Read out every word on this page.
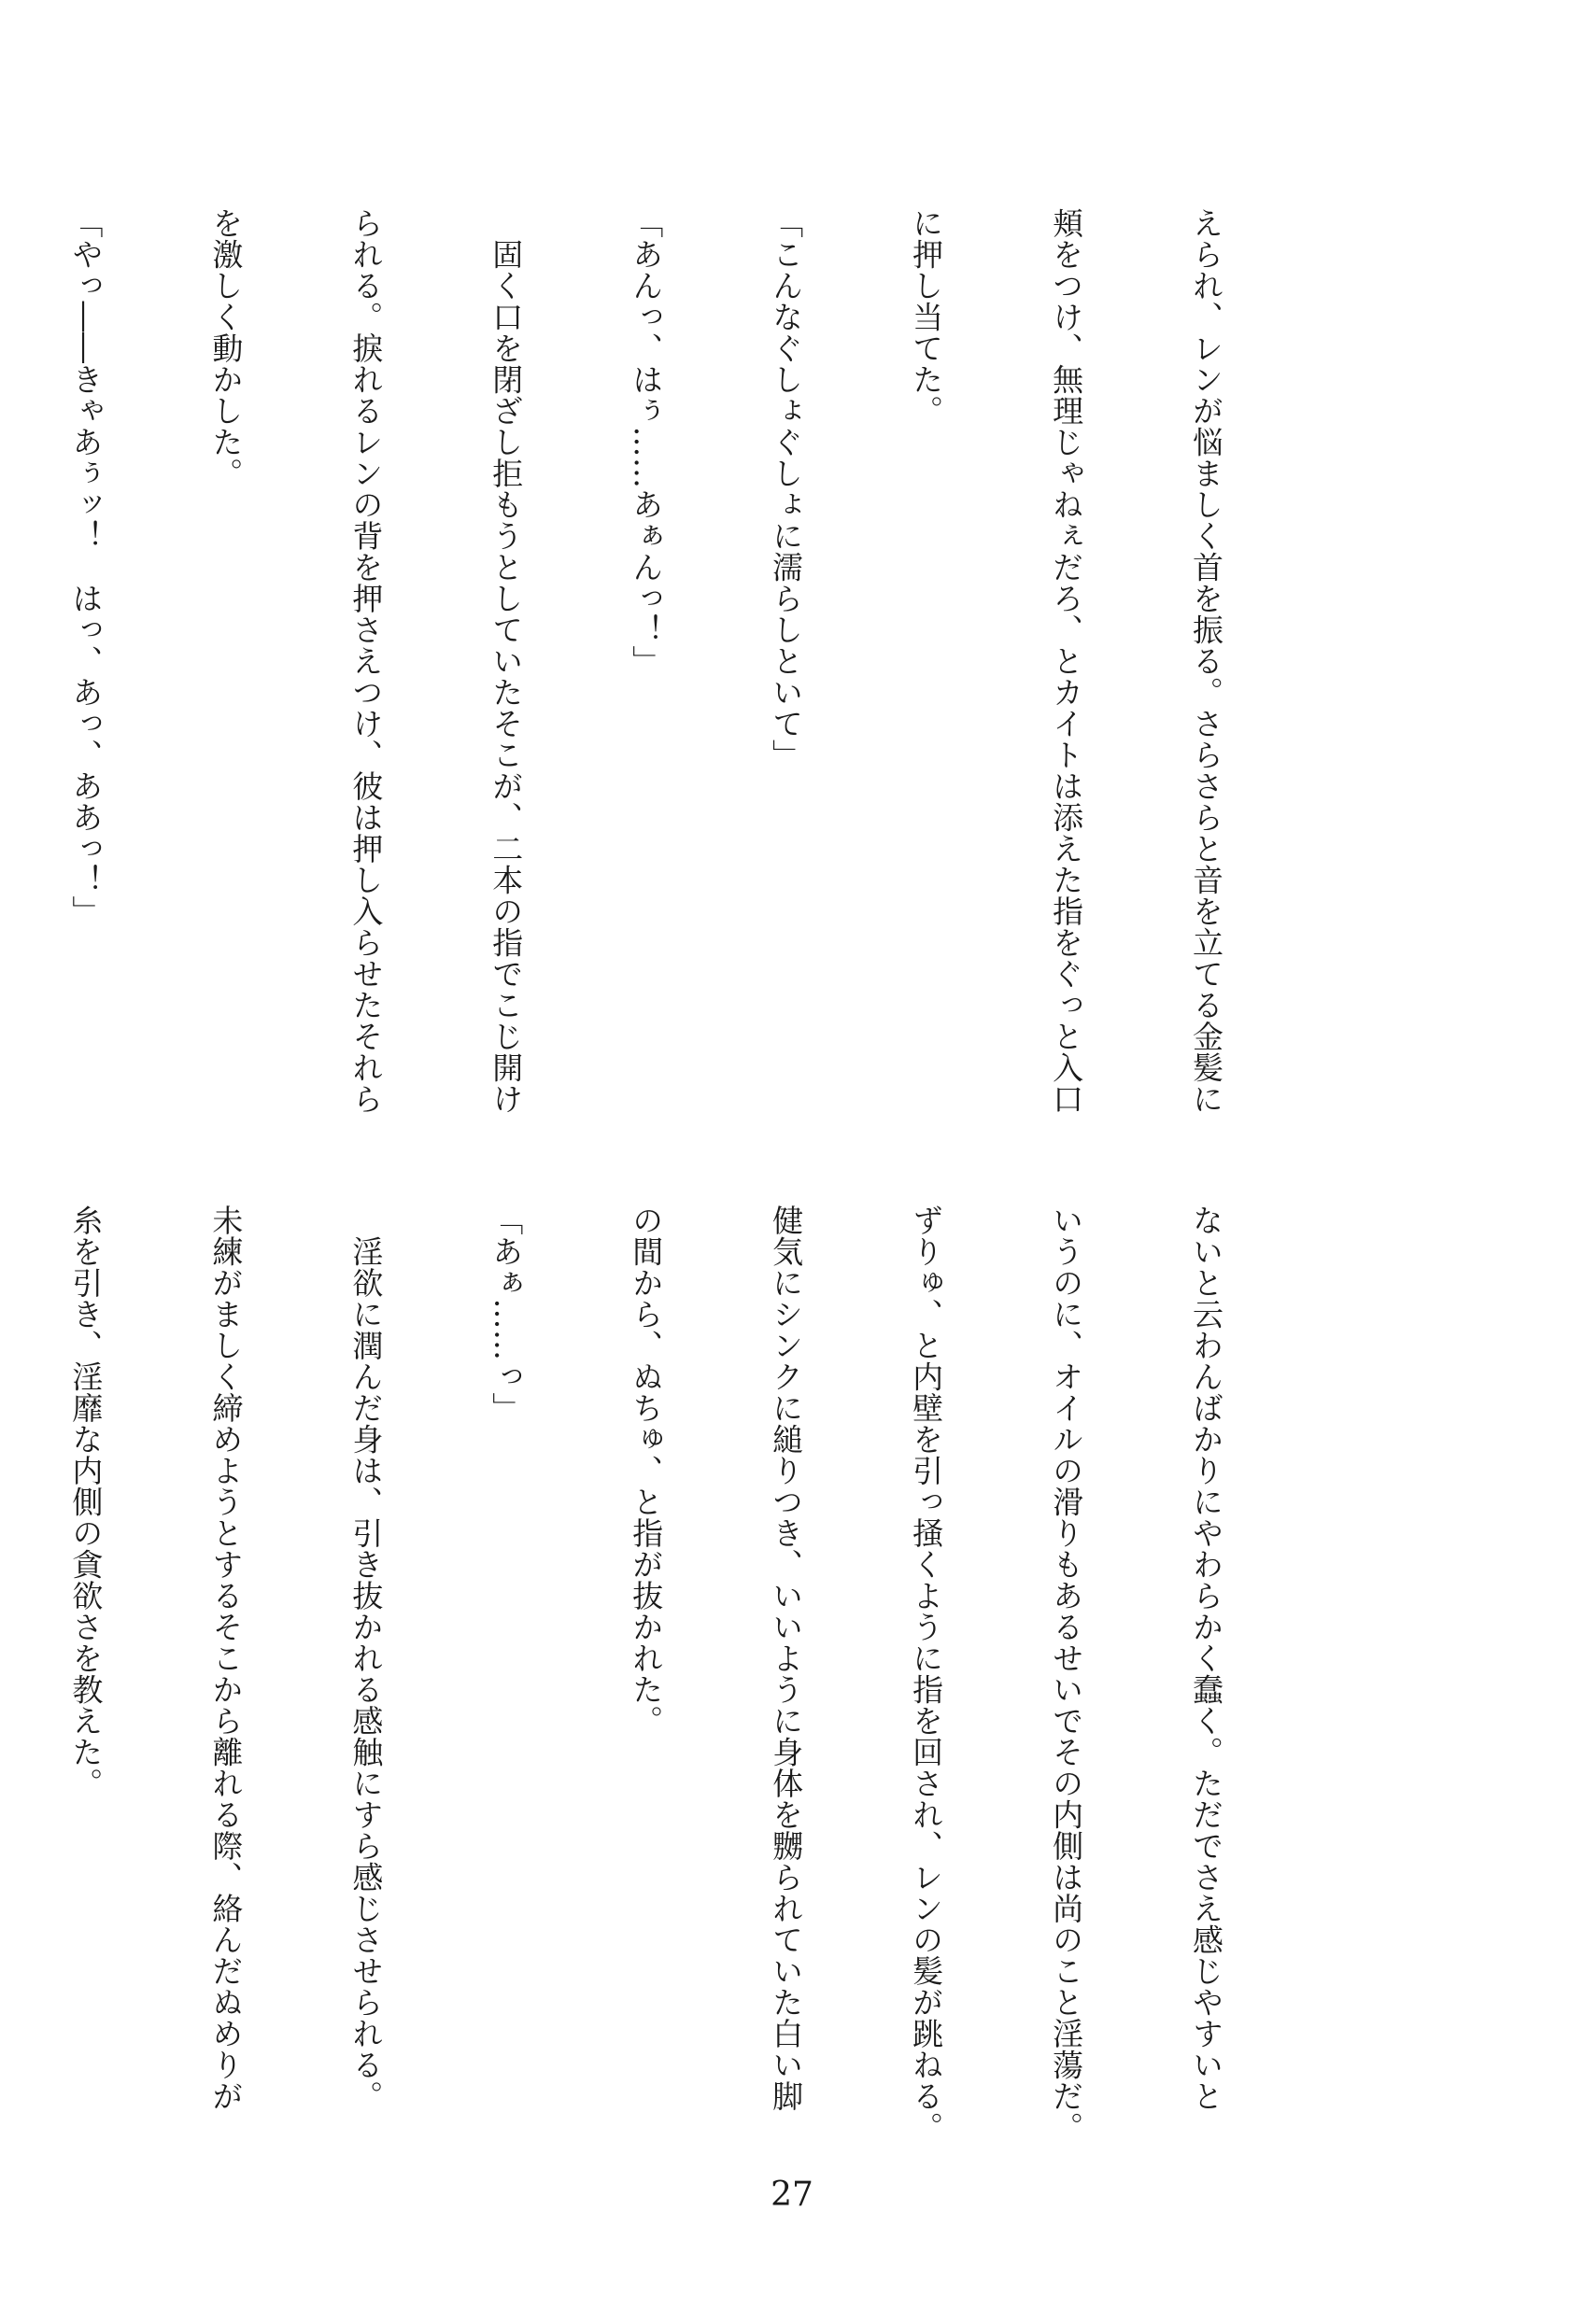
えられ、レンが悩ましく首を振る。さらさらと音を立てる金髪に

頬をつけ、無理じゃねぇだろ、とカイトは添えた指をぐっと入口

に押し当てた。

「こんなぐしょぐしょに濡らしといて」

「あんっ、はぅ……あぁんっ！」

　固く口を閉ざし拒もうとしていたそこが、二本の指でこじ開け

られる。捩れるレンの背を押さえつけ、彼は押し入らせたそれら

を激しく動かした。

「やっ――きゃあぅッ！　はっ、あっ、ああっ！」

ないと云わんばかりにやわらかく蠢く。ただでさえ感じやすいと

いうのに、オイルの滑りもあるせいでその内側は尚のこと淫蕩だ。

ずりゅ、と内壁を引っ掻くように指を回され、レンの髪が跳ねる。

健気にシンクに縋りつき、いいように身体を嬲られていた白い脚

の間から、ぬちゅ、と指が抜かれた。

「あぁ……っ」

　淫欲に潤んだ身は、引き抜かれる感触にすら感じさせられる。

未練がましく締めようとするそこから離れる際、絡んだぬめりが

糸を引き、淫靡な内側の貪欲さを教えた。

27
